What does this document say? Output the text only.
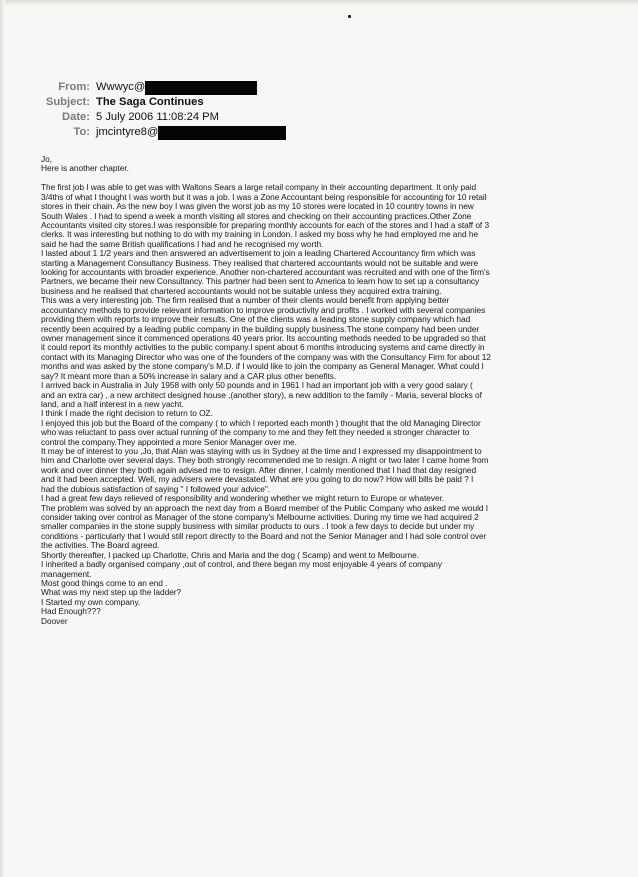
From: Wwwyc@
Subject: The Saga Continues
Date: 5 July 2006 11:08:24 PM
To: jmcintyre8@
Jo,
Here is another chapter.
The first job I was able to get was with Waltons Sears a large retail company in their accounting department. It only paid
3/4ths of what I thought I was worth but it was a job. I was a Zone Accountant being responsible for accounting for 10 retail
stores in their chain. As the new boy I was given the worst job as my 10 stores were located in 10 country towns in new
South Wales . I had to spend a week a month visiting all stores and checking on their accounting practices.Other Zone
Accountants visited city stores.I was responsible for preparing monthly accounts for each of the stores and I had a staff of 3
clerks. It was interesting but nothing to do with my training in London. I asked my boss why he had employed me and he
said he had the same British qualifications I had and he recognised my worth.
I lasted about 1 1/2 years and then answered an advertisement to join a leading Chartered Accountancy firm which was
starting a Management Consultancy Business. They realised that chartered accountants would not be suitable and were
looking for accountants with broader experience. Another non-chartered accountant was recruited and with one of the firm's
Partners, we became their new Consultancy. This partner had been sent to America to learn how to set up a consultancy
business and he realised that chartered accountants would not be suitable unless they acquired extra training.
This was a very interesting job. The firm realised that a number of their clients would benefit from applying better
accountancy methods to provide relevant information to improve productivity and profits . I worked with several companies
providing them with reports to improve their results. One of the clients was a leading stone supply company which had
recently been acquired by a leading public company in the building supply business.The stone company had been under
owner management since it commenced operations 40 years prior. Its accounting methods needed to be upgraded so that
it could report its monthly activities to the public company.I spent about 6 months introducing systems and came directly in
contact with its Managing Director who was one of the founders of the company was with the Consultancy Firm for about 12
months and was asked by the stone company's M.D. if I would like to join the company as General Manager. What could I
say? It meant more than a 50% increase in salary and a CAR plus other benefits.
I arrived back in Australia in July 1958 with only 50 pounds and in 1961 I had an important job with a very good salary (
and an extra car) , a new architect designed house ,(another story), a new addition to the family - Maria, several blocks of
land, and a half interest in a new yacht.
I think I made the right decision to return to OZ.
I enjoyed this job but the Board of the company ( to which I reported each month ) thought that the old Managing Director
who was reluctant to pass over actual running of the company to me and they felt they needed a stronger character to
control the company.They appointed a more Senior Manager over me.
It may be of interest to you ,Jo, that Alan was staying with us in Sydney at the time and I expressed my disappointment to
him and Charlotte over several days. They both strongly recommended me to resign. A night or two later I came home from
work and over dinner they both again advised me to resign. After dinner, I calmly mentioned that I had that day resigned
and it had been accepted. Well, my advisers were devastated. What are you going to do now? How will bills be paid ? I
had the dubious satisfaction of saying " I followed your advice".
I had a great few days relieved of responsibility and wondering whether we might return to Europe or whatever.
The problem was solved by an approach the next day from a Board member of the Public Company who asked me would I
consider taking over control as Manager of the stone company's Melbourne activities. During my time we had acquired 2
smaller companies in the stone supply business with similar products to ours . I took a few days to decide but under my
conditions - particularly that I would still report directly to the Board and not the Senior Manager and I had sole control over
the activities. The Board agreed.
Shortly thereafter, I packed up Charlotte, Chris and Maria and the dog ( Scamp) and went to Melbourne.
I inherited a badly organised company ,out of control, and there began my most enjoyable 4 years of company
management.
Most good things come to an end .
What was my next step up the ladder?
I Started my own company.
Had Enough???
Doover
